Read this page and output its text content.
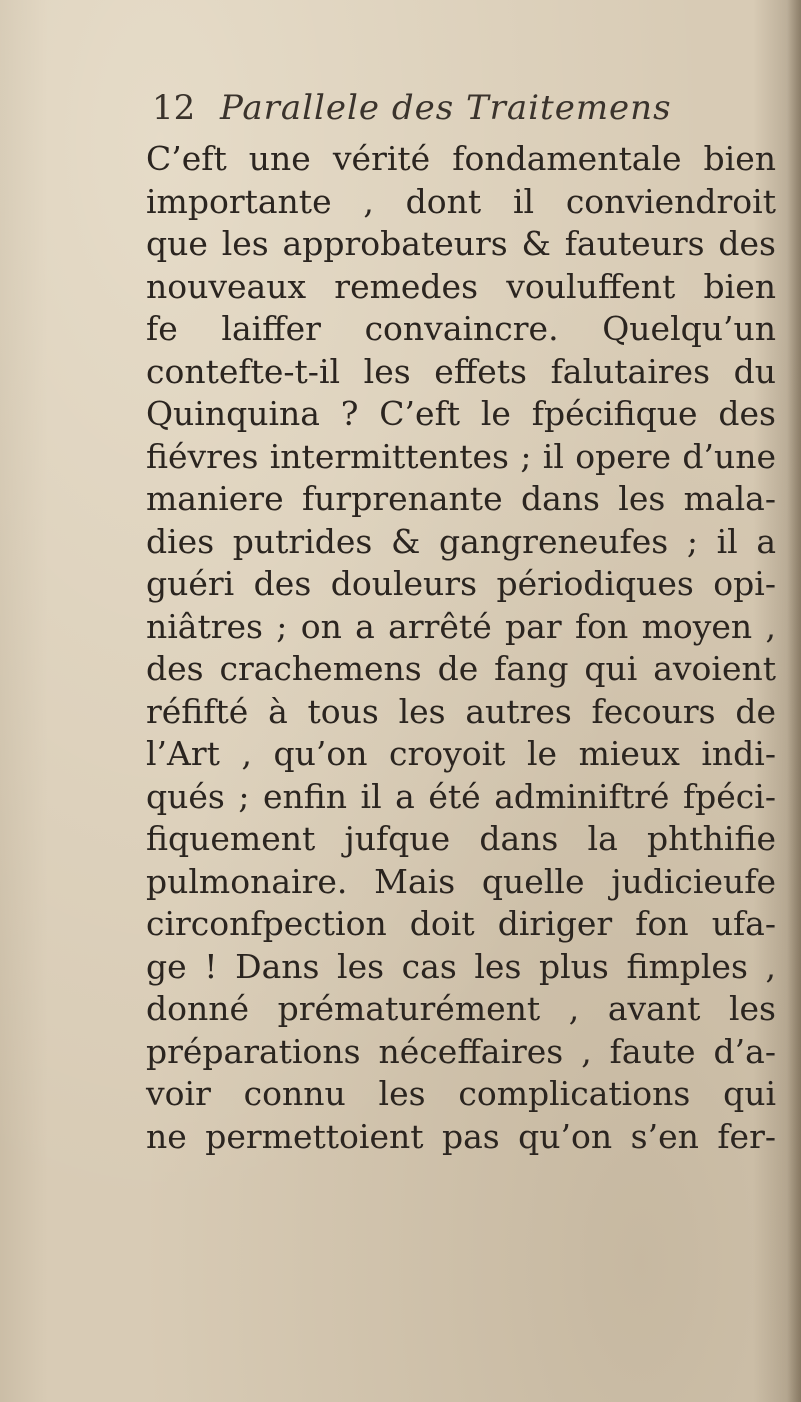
12 Parallele des Traitemens
C’eft une vérité fondamentale bien
importante , dont il conviendroit
que les approbateurs & fauteurs des
nouveaux remedes vouluffent bien
fe laiffer convaincre. Quelqu’un
contefte-t-il les effets falutaires du
Quinquina ? C’eft le fpécifique des
fiévres intermittentes ; il opere d’une
maniere furprenante dans les mala-
dies putrides & gangreneufes ; il a
guéri des douleurs périodiques opi-
niâtres ; on a arrêté par fon moyen ,
des crachemens de fang qui avoient
réfifté à tous les autres fecours de
l’Art , qu’on croyoit le mieux indi-
qués ; enfin il a été adminiftré fpéci-
fiquement jufque dans la phthifie
pulmonaire. Mais quelle judicieufe
circonfpection doit diriger fon ufa-
ge ! Dans les cas les plus fimples ,
donné prématurément , avant les
préparations néceffaires , faute d’a-
voir connu les complications qui
ne permettoient pas qu’on s’en fer-
